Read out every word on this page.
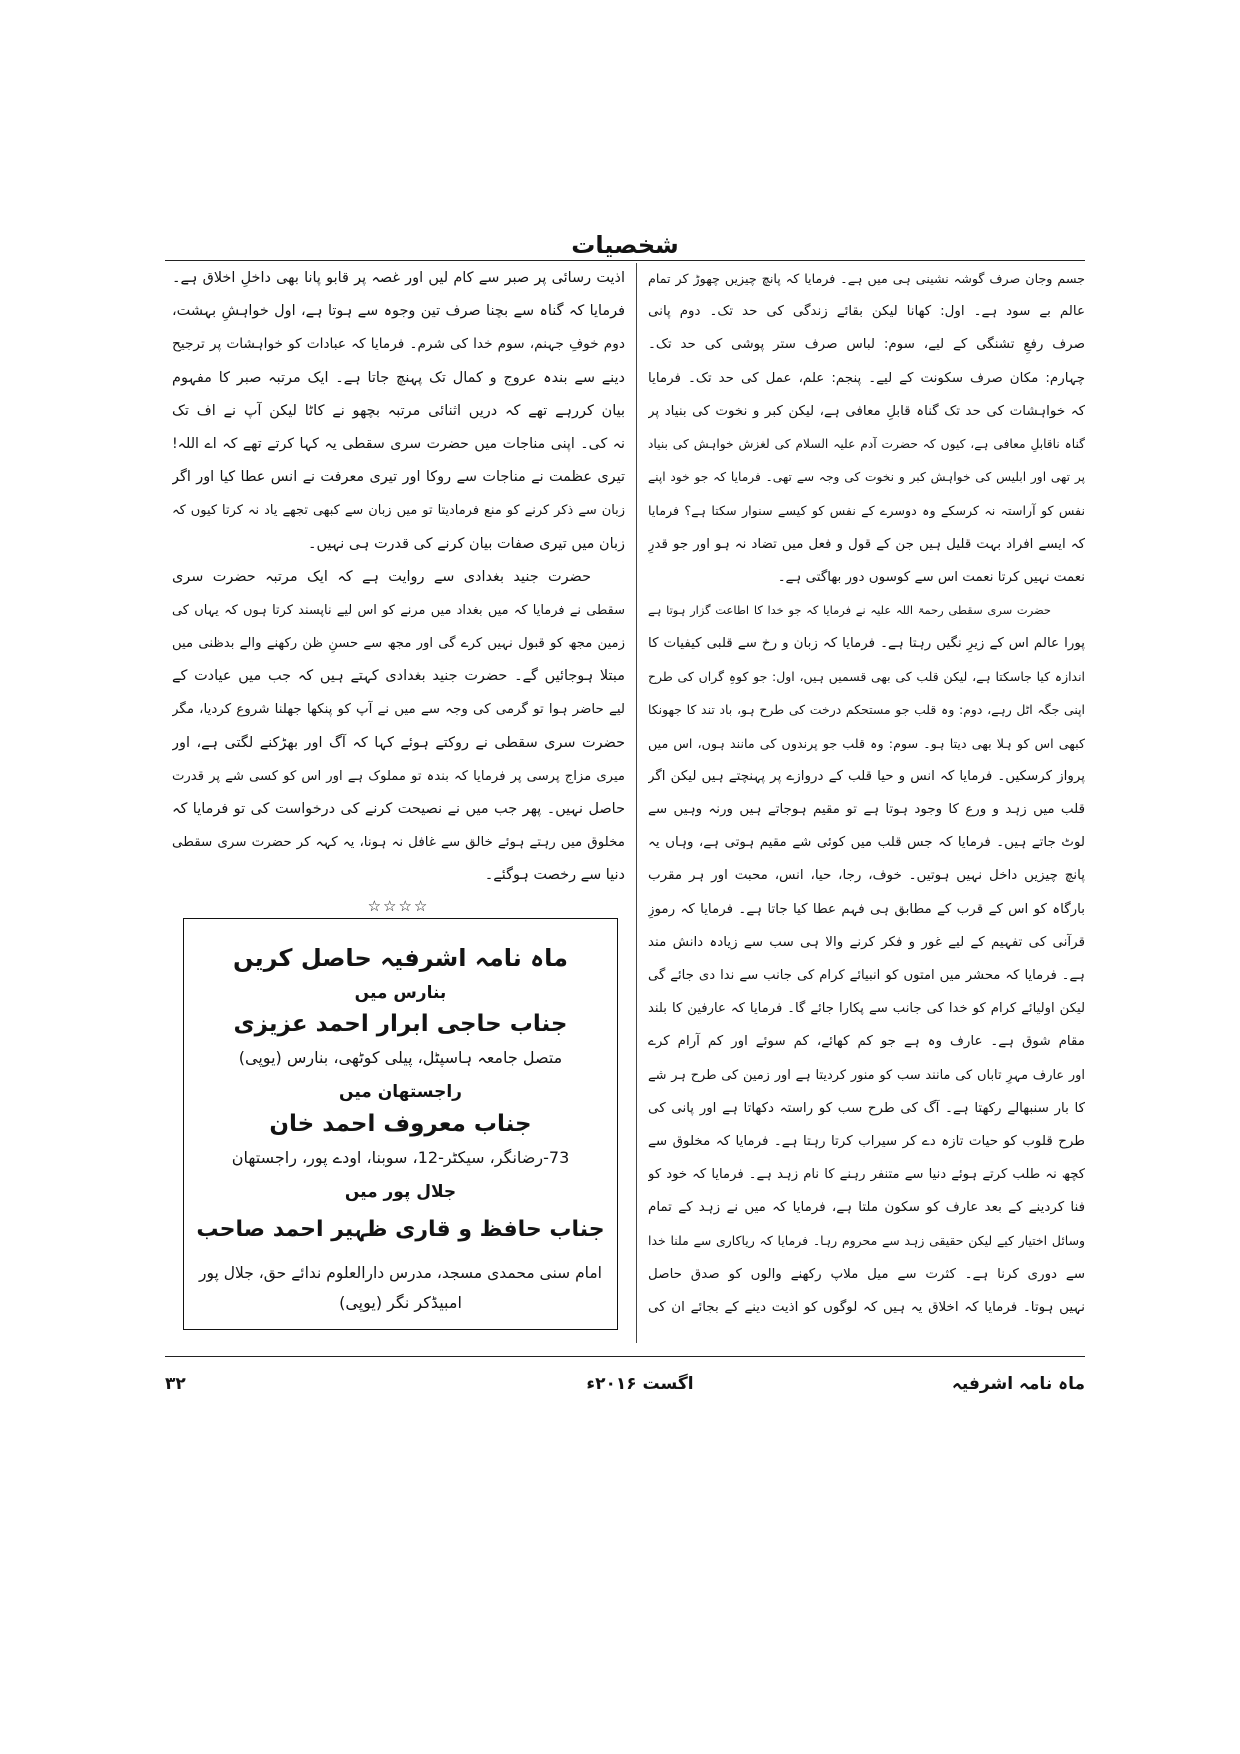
شخصیات
جسم وجان صرف گوشہ نشینی ہی میں ہے۔ فرمایا کہ پانچ چیزیں چھوڑ کر تمام
عالم بے سود ہے۔ اول: کھانا لیکن بقائے زندگی کی حد تک۔ دوم پانی
صرف رفعِ تشنگی کے لیے، سوم: لباس صرف ستر پوشی کی حد تک۔
چہارم: مکان صرف سکونت کے لیے۔ پنجم: علم، عمل کی حد تک۔ فرمایا
کہ خواہشات کی حد تک گناہ قابلِ معافی ہے، لیکن کبر و نخوت کی بنیاد پر
گناہ ناقابلِ معافی ہے، کیوں کہ حضرت آدم علیہ السلام کی لغزش خواہش کی بنیاد
پر تھی اور ابلیس کی خواہش کبر و نخوت کی وجہ سے تھی۔ فرمایا کہ جو خود اپنے
نفس کو آراستہ نہ کرسکے وہ دوسرے کے نفس کو کیسے سنوار سکتا ہے؟ فرمایا
کہ ایسے افراد بہت قلیل ہیں جن کے قول و فعل میں تضاد نہ ہو اور جو قدرِ
نعمت نہیں کرتا نعمت اس سے کوسوں دور بھاگتی ہے۔
حضرت سری سقطی رحمۃ اللہ علیہ نے فرمایا کہ جو خدا کا اطاعت گزار ہوتا ہے
پورا عالم اس کے زیرِ نگیں رہتا ہے۔ فرمایا کہ زبان و رخ سے قلبی کیفیات کا
اندازہ کیا جاسکتا ہے، لیکن قلب کی بھی قسمیں ہیں، اول: جو کوہِ گراں کی طرح
اپنی جگہ اٹل رہے، دوم: وہ قلب جو مستحکم درخت کی طرح ہو، باد تند کا جھونکا
کبھی اس کو ہلا بھی دیتا ہو۔ سوم: وہ قلب جو پرندوں کی مانند ہوں، اس میں
پرواز کرسکیں۔ فرمایا کہ انس و حیا قلب کے دروازے پر پہنچتے ہیں لیکن اگر
قلب میں زہد و ورع کا وجود ہوتا ہے تو مقیم ہوجاتے ہیں ورنہ وہیں سے
لوٹ جاتے ہیں۔ فرمایا کہ جس قلب میں کوئی شے مقیم ہوتی ہے، وہاں یہ
پانچ چیزیں داخل نہیں ہوتیں۔ خوف، رجا، حیا، انس، محبت اور ہر مقرب
بارگاہ کو اس کے قرب کے مطابق ہی فہم عطا کیا جاتا ہے۔ فرمایا کہ رموزِ
قرآنی کی تفہیم کے لیے غور و فکر کرنے والا ہی سب سے زیادہ دانش مند
ہے۔ فرمایا کہ محشر میں امتوں کو انبیائے کرام کی جانب سے ندا دی جائے گی
لیکن اولیائے کرام کو خدا کی جانب سے پکارا جائے گا۔ فرمایا کہ عارفین کا بلند
مقام شوق ہے۔ عارف وہ ہے جو کم کھائے، کم سوئے اور کم آرام کرے
اور عارف مہرِ تاباں کی مانند سب کو منور کردیتا ہے اور زمین کی طرح ہر شے
کا بار سنبھالے رکھتا ہے۔ آگ کی طرح سب کو راستہ دکھاتا ہے اور پانی کی
طرح قلوب کو حیات تازہ دے کر سیراب کرتا رہتا ہے۔ فرمایا کہ مخلوق سے
کچھ نہ طلب کرتے ہوئے دنیا سے متنفر رہنے کا نام زہد ہے۔ فرمایا کہ خود کو
فنا کردینے کے بعد عارف کو سکون ملتا ہے، فرمایا کہ میں نے زہد کے تمام
وسائل اختیار کیے لیکن حقیقی زہد سے محروم رہا۔ فرمایا کہ ریاکاری سے ملنا خدا
سے دوری کرنا ہے۔ کثرت سے میل ملاپ رکھنے والوں کو صدق حاصل
نہیں ہوتا۔ فرمایا کہ اخلاق یہ ہیں کہ لوگوں کو اذیت دینے کے بجائے ان کی
اذیت رسائی پر صبر سے کام لیں اور غصہ پر قابو پانا بھی داخلِ اخلاق ہے۔
فرمایا کہ گناہ سے بچنا صرف تین وجوہ سے ہوتا ہے، اول خواہشِ بہشت،
دوم خوفِ جہنم، سوم خدا کی شرم۔ فرمایا کہ عبادات کو خواہشات پر ترجیح
دینے سے بندہ عروج و کمال تک پہنچ جاتا ہے۔ ایک مرتبہ صبر کا مفہوم
بیان کررہے تھے کہ دریں اثنائی مرتبہ بچھو نے کاٹا لیکن آپ نے اف تک
نہ کی۔ اپنی مناجات میں حضرت سری سقطی یہ کہا کرتے تھے کہ اے اللہ!
تیری عظمت نے مناجات سے روکا اور تیری معرفت نے انس عطا کیا اور اگر
زبان سے ذکر کرنے کو منع فرمادیتا تو میں زبان سے کبھی تجھے یاد نہ کرتا کیوں کہ
زبان میں تیری صفات بیان کرنے کی قدرت ہی نہیں۔
حضرت جنید بغدادی سے روایت ہے کہ ایک مرتبہ حضرت سری
سقطی نے فرمایا کہ میں بغداد میں مرنے کو اس لیے ناپسند کرتا ہوں کہ یہاں کی
زمین مجھ کو قبول نہیں کرے گی اور مجھ سے حسنِ ظن رکھنے والے بدظنی میں
مبتلا ہوجائیں گے۔ حضرت جنید بغدادی کہتے ہیں کہ جب میں عیادت کے
لیے حاضر ہوا تو گرمی کی وجہ سے میں نے آپ کو پنکھا جھلنا شروع کردیا، مگر
حضرت سری سقطی نے روکتے ہوئے کہا کہ آگ اور بھڑکنے لگتی ہے، اور
میری مزاج پرسی پر فرمایا کہ بندہ تو مملوک ہے اور اس کو کسی شے پر قدرت
حاصل نہیں۔ پھر جب میں نے نصیحت کرنے کی درخواست کی تو فرمایا کہ
مخلوق میں رہتے ہوئے خالق سے غافل نہ ہونا، یہ کہہ کر حضرت سری سقطی
دنیا سے رخصت ہوگئے۔
☆☆☆☆
ماہ نامہ اشرفیہ حاصل کریں
بنارس میں
جناب حاجی ابرار احمد عزیزی
متصل جامعہ ہاسپٹل، پیلی کوٹھی، بنارس (یوپی)
راجستھان میں
جناب معروف احمد خان
73-رضانگر، سیکٹر-12، سوبنا، اودے پور، راجستھان
جلال پور میں
جناب حافظ و قاری ظہیر احمد صاحب
امام سنی محمدی مسجد، مدرس دارالعلوم ندائے حق، جلال پور
امبیڈکر نگر (یوپی)
ماہ نامہ اشرفیہ
اگست ۲۰۱۶ء
۳۲
